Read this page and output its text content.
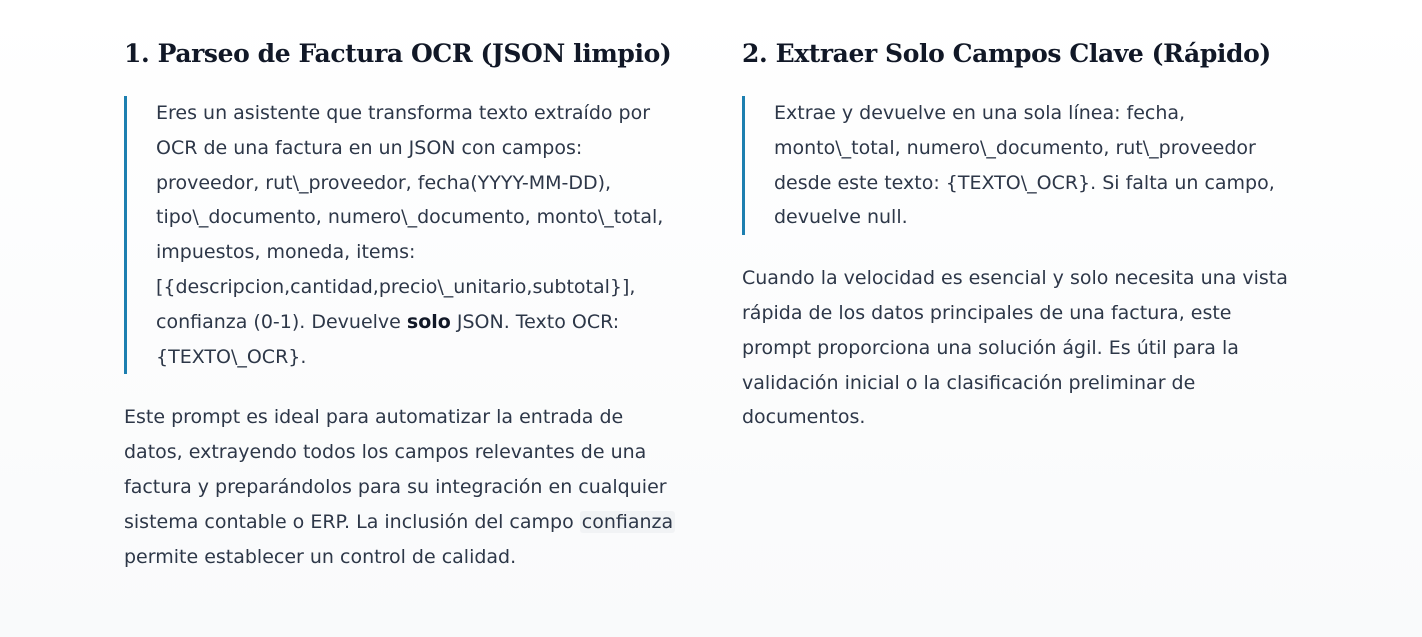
1. Parseo de Factura OCR (JSON limpio)

Eres un asistente que transforma texto extraído por OCR de una factura en un JSON con campos: proveedor, rut\_proveedor, fecha(YYYY-MM-DD), tipo\_documento, numero\_documento, monto\_total, impuestos, moneda, items: [{descripcion,cantidad,precio\_unitario,subtotal}], confianza (0-1). Devuelve solo JSON. Texto OCR: {TEXTO\_OCR}.

Este prompt es ideal para automatizar la entrada de datos, extrayendo todos los campos relevantes de una factura y preparándolos para su integración en cualquier sistema contable o ERP. La inclusión del campo confianza permite establecer un control de calidad.

2. Extraer Solo Campos Clave (Rápido)

Extrae y devuelve en una sola línea: fecha, monto\_total, numero\_documento, rut\_proveedor desde este texto: {TEXTO\_OCR}. Si falta un campo, devuelve null.

Cuando la velocidad es esencial y solo necesita una vista rápida de los datos principales de una factura, este prompt proporciona una solución ágil. Es útil para la validación inicial o la clasificación preliminar de documentos.
